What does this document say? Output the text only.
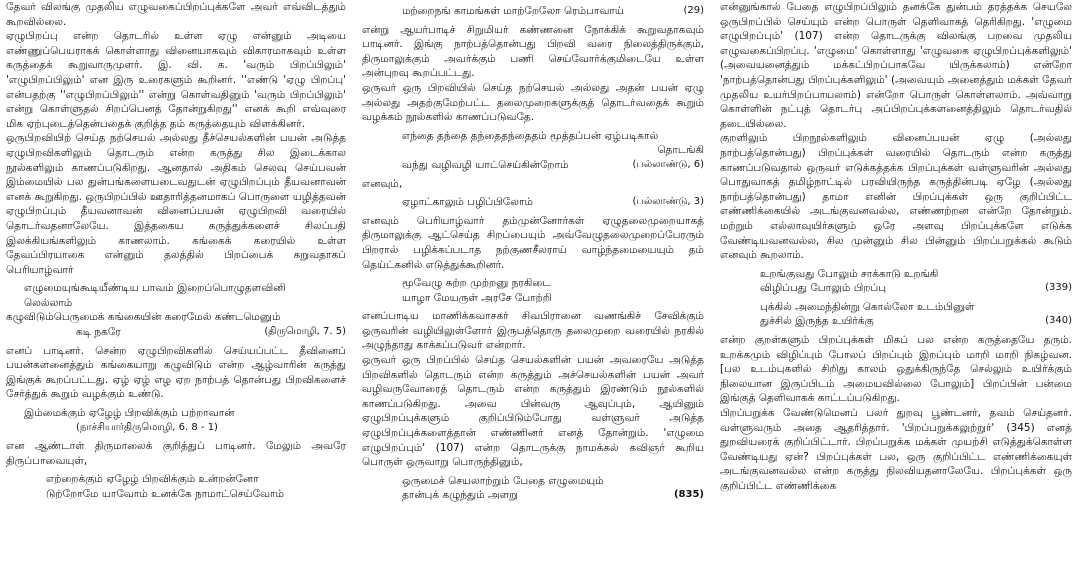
தேவர் விலங்கு முதலிய எழுவகைப்பிறப்புக்களே அவர் எவ்விடத்தும் கூறவில்லை.

ஏழுபிறப்பு என்ற தொடரில் உள்ள ஏழு என்னும் அடியை எண்ணுப்பெயராகக் கொள்ளாது வினையாகவும் விகாரமாகவும் உள்ள கருத்தைக் கூறுவாருமுளர். இ. வி. க. 'வரும் பிறப்பிலும்' 'எழுபிறப்பிலும்' என இரு உரைகளும் கூறினர். ''எண்டு 'ஏழு பிறப்பு' என்பதற்கு ''எழுபிறப்பிலும்'' என்று கொள்வதினும் 'வரும் பிறப்பிலும்' என்று கொள்ளுதல் சிறப்பெனத் தோன்றுகிறது'' எனக் கூறி எவ்வுரை மிக ஏற்புடைத்தென்பதைக் குறித்த தம் கருத்தையும் விளக்கினர்.

ஒருபிறவியிற் செய்த நற்செயல் அல்லது தீச்செயல்களின் பயன் அடுத்த ஏழுபிறவிகளிலும் தொடரும் என்ற கருத்து சில இடைக்கால நூல்களிலும் காணப்படுகிறது. ஆனதால் அதிகம் செலவு செய்பவன் இம்மையில் பல துன்பங்களையடைவதுடன் ஏழுபிறப்பும் தீயவனாவன் எனக் கூறுகிறது. ஒருபிறப்பில் ஊதாரித்தனமாகப் பொருளை யழித்தவன் ஏழுபிறப்பும் தீயவனாவன் வினைப்பயன் ஏழுபிறவி வரையில் தொடர்வதனாலேயே. இத்தகைய கருத்துக்களைச் சிலப்பதி இலக்கியங்களிலும் காணலாம். கங்கைக் கரையில் உள்ள தேவப்பிரயாகை என்னும் தலத்தில் பிறப்பைக் கறுவதாகப் பெரியாழ்வார்

எழுமையுங்கூடியீண்டிய பாவம் இறைப்பொழுதளவினி
லெல்லாம்
கழுவிடும்பெருமைக் கங்கையின் கரைமேல் கண்டமெனும்
கடி நகரே	(திருமொழி, 7. 5)

எனப் பாடினர். சென்ற ஏழுபிறவிகளில் செய்யப்பட்ட தீவினைப் பயன்களனைத்தும் கங்கையாறு கழுவிடும் என்ற ஆழ்வாரின் கருத்து இங்குக் கூறப்பட்டது. ஏழ் ஏழ் எழ ஏற நாற்பத் தொன்பது பிறவிகளைச் சேர்த்துக் கூறும் வழக்கும் உண்டு.

இம்மைக்கும் ஏழேழ் பிறவிக்கும் பற்றாவான்
(நாச்சியார்திருமொழி, 6. 8 - 1)

என ஆண்டாள் திருமாலைக் குறித்துப் பாடினர். மேலும் அவரே திருப்பாவையுள்,

எற்றைக்கும் ஏழேழ் பிறவிக்கும் உன்றன்னோ
டுற்றோமே யாவோம் உனக்கே நாமாட்செய்வோம்
மற்றைநங் காமங்கள் மாற்றேலோ ரெம்பாவாய்	(29)

என்று ஆயர்பாடிச் சிறுமியர் கண்ணனை நோக்கிக் கூறுவதாகவும் பாடினர். இங்கு நாற்பத்தொன்பது பிறவி வரை நிலைத்திருக்கும், திருமாலுக்கும் அவர்க்கும் பணி செய்வோர்க்குமிடையே உள்ள அன்புறவு கூறப்பட்டது.

ஒருவர் ஒரு பிறவியில் செய்த நற்செயல் அல்லது அதன் பயன் ஏழு அல்லது அதற்குமேற்பட்ட தலைமுறைகளுக்குத் தொடர்வதைக் கூறும் வழக்கம் நூல்களில் காணப்படுவதே.

எந்தை தந்தை தந்தைதந்தைதம் மூத்தப்பன் ஏழ்படிகால்
தொடங்கி
வந்து வழிவழி யாட்செய்கின்றோம்	(பல்லாண்டு, 6)

எனவும்,

ஏழாட்காலும் பழிப்பிலோம்	(பல்லாண்டு, 3)

எனவும் பெரியாழ்வார் தம்முன்னோர்கள் ஏழுதலைமுறையாகத் திருமாலுக்கு ஆட்செய்த சிறப்பையும் அவ்வேழுதலைமுறைப்பேரரும் பிறரால் பழிக்கப்படாத நற்குணசீலராய் வாழ்ந்தமையையும் தம் தெய்ட்கனில் எடுத்துக்கூறினர்.

மூவேழு சுற்ற முற்றனு நரகிடை
யாழா மேயருள் அரசே போற்றி

எனப்பாடிய மாணிக்கவாசகர் சிவபிரானை வணங்கிச் சேவிக்கும் ஒருவரின் வழியிலுள்ளோர் இருபத்தொரு தலைமுறை வரையில் நரகில் அழுந்தாது காக்கப்படுவர் என்றார்.

ஒருவர் ஒரு பிறப்பில் செய்த செயல்களின் பயன் அவரையே அடுத்த பிறவிகளில் தொடரும் என்ற கருத்தும் அச்செயல்களின் பயன் அவர் வழிவருவோரைத் தொடரும் என்ற கருத்தும் இரண்டும் நூல்களில் காணப்படுகிறது. அவை பின்வரு ஆவுப்பும், ஆயினும் ஏழுபிறப்புக்களும் குறிப்பிடும்போது வள்ளுவர் அடுத்த ஏழுபிறப்புக்களைத்தான் எண்ணினர் எனத் தோன்றும். 'எழுமை எழுபிறப்பும்' (107) என்ற தொடருக்கு நாமக்கல் கவிஞர் கூறிய பொருள் ஒருவாறு பொருந்தினும்,

ஒருமைச் செயலாற்றும் பேதை எழுமையும்
தான்புக் கழுந்தும் அளறு	(835)

என்னுங்கால் பேதை எழுபிறப்பிலும் தனக்கே துன்பம் தரத்தக்க செயலே ஒருபிறப்பில் செய்யும் என்ற பொருள் தெளிவாகத் தெரிகிறது. 'எழுமை எழுபிறப்பும்' (107) என்ற தொடருக்கு விலங்கு பறவை முதலிய எழுவகைப்பிறப்பு. 'எழுமை' கொள்ளாது 'எழுவகை ஏழுபிறப்புக்களிலும்' (அவையனைத்தும் மக்கட்பிறப்பாகவே யிருக்கலாம்) என்றோ 'நாற்பத்தொன்பது பிறப்புக்களிலும்' (அவையும் அனைத்தும் மக்கள் தேவர் முதலிய உயர்பிறப்பாயலாம்) என்றோ பொருள் கொள்ளலாம். அவ்வாறு கொள்ளின் நட்புத் தொடர்பு அப்பிறப்புக்களனைத்திலும் தொடர்வதில் தடையில்லை.

குறளிலும் பிறநூல்களிலும் வினைப்பயன் ஏழு (அல்லது நாற்பத்தொன்பது) பிறப்புக்கள் வரையில் தொடரும் என்ற கருத்து காணப்படுவதால் ஒருவர் எடுக்கத்தக்க பிறப்புக்கள் வள்ளுவரின் அல்லது பொதுவாகத் தமிழ்நாட்டில் பரவியிருந்த கருத்தின்படி ஏழே (அல்லது நாற்பத்தொன்பது) தாமா எனின் பிறப்புக்கள் ஒரு குறிப்பிட்ட எண்ணிக்கையில் அடங்குவனவல்ல, எண்ணற்றன என்றே தோன்றும். மற்றும் எல்லாவுயிர்களும் ஒரே அளவு பிறப்புக்களே எடுக்க வேண்டியவனவல்ல, சில முன்னும் சில பின்னும் பிறப்பறுக்கல் கூடும் எனவும் கூறலாம்.

உறங்குவது போலும் சாக்காடு உறங்கி
விழிப்பது போலும் பிறப்பு	(339)
புக்கில் அமைந்தின்று கொல்லோ உடம்பினுள்
துச்சில் இருந்த உயிர்க்கு	(340)

என்ற குறள்களும் பிறப்புக்கள் மிகப் பல என்ற கருத்தையே தரும். உறக்கமும் விழிப்பும் போலப் பிறப்பும் இறப்பும் மாறி மாறி நிகழ்வன. [பல உடம்புகளில் சிறிது காலம் ஒதுக்கிருந்தே செல்லும் உயிர்க்கும் நிலையான இருப்பிடம் அமையவில்லை போலும்] பிறப்பின் பன்மை இங்குத் தெளிவாகக் காட்டப்படுகிறது.

பிறப்பறுக்க வேண்டுமெனப் பலர் துறவு பூண்டனர், தவம் செய்தனர். வள்ளுவரும் அதை ஆதரித்தார். 'பிறப்பறுக்கலுற்றுர்' (345) எனத் துறவியரைக் குறிப்பிட்டார். பிறப்பறுக்க மக்கள் முயற்சி எடுத்துக்கொள்ள வேண்டியது ஏன்? பிறப்புக்கள் பல, ஒரு குறிப்பிட்ட எண்ணிக்கையுள் அடங்குவனவல்ல என்ற கருத்து நிலவியதனாலேயே. பிறப்புக்கள் ஒரு குறிப்பிட்ட எண்ணிக்கை
